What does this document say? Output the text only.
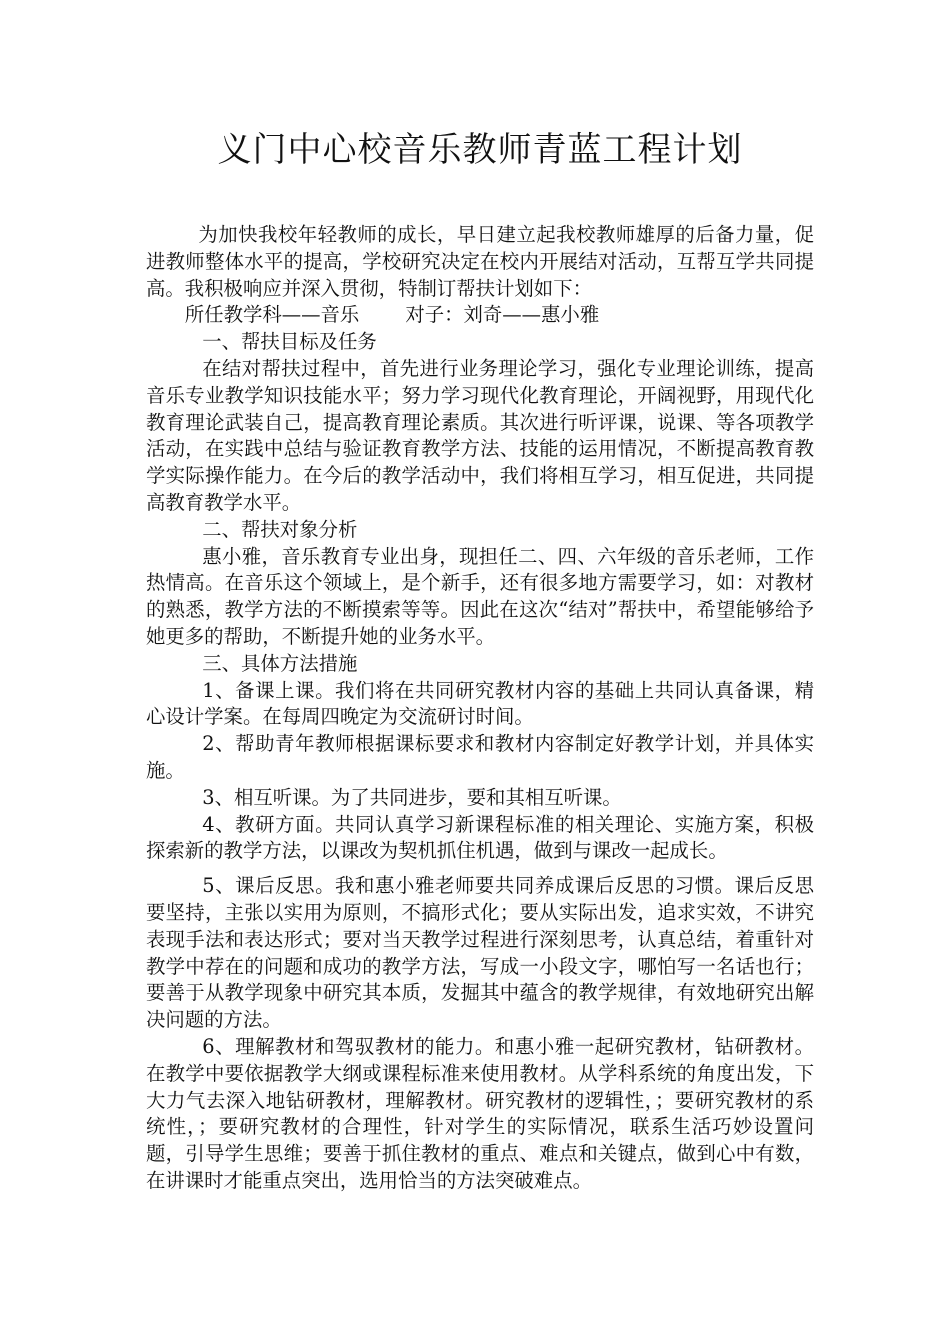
义门中心校音乐教师青蓝工程计划

为加快我校年轻教师的成长，早日建立起我校教师雄厚的后备力量，促进教师整体水平的提高，学校研究决定在校内开展结对活动，互帮互学共同提高。我积极响应并深入贯彻，特制订帮扶计划如下：

所任教学科——音乐 对子：刘奇——惠小雅

一、帮扶目标及任务

在结对帮扶过程中，首先进行业务理论学习，强化专业理论训练，提高音乐专业教学知识技能水平；努力学习现代化教育理论，开阔视野，用现代化教育理论武装自己，提高教育理论素质。其次进行听评课，说课、等各项教学活动，在实践中总结与验证教育教学方法、技能的运用情况，不断提高教育教学实际操作能力。在今后的教学活动中，我们将相互学习，相互促进，共同提高教育教学水平。

二、帮扶对象分析

惠小雅，音乐教育专业出身，现担任二、四、六年级的音乐老师，工作热情高。在音乐这个领域上，是个新手，还有很多地方需要学习，如：对教材的熟悉，教学方法的不断摸索等等。因此在这次“结对”帮扶中，希望能够给予她更多的帮助，不断提升她的业务水平。

三、具体方法措施

1、备课上课。我们将在共同研究教材内容的基础上共同认真备课，精心设计学案。在每周四晚定为交流研讨时间。

2、帮助青年教师根据课标要求和教材内容制定好教学计划，并具体实施。

3、相互听课。为了共同进步，要和其相互听课。

4、教研方面。共同认真学习新课程标准的相关理论、实施方案，积极探索新的教学方法，以课改为契机抓住机遇，做到与课改一起成长。

5、课后反思。我和惠小雅老师要共同养成课后反思的习惯。课后反思要坚持，主张以实用为原则，不搞形式化；要从实际出发，追求实效，不讲究表现手法和表达形式；要对当天教学过程进行深刻思考，认真总结，着重针对教学中荐在的问题和成功的教学方法，写成一小段文字，哪怕写一名话也行；要善于从教学现象中研究其本质，发掘其中蕴含的教学规律，有效地研究出解决问题的方法。

6、理解教材和驾驭教材的能力。和惠小雅一起研究教材，钻研教材。在教学中要依据教学大纲或课程标准来使用教材。从学科系统的角度出发，下大力气去深入地钻研教材，理解教材。研究教材的逻辑性，；要研究教材的系统性，；要研究教材的合理性，针对学生的实际情况，联系生活巧妙设置问题，引导学生思维；要善于抓住教材的重点、难点和关键点，做到心中有数，在讲课时才能重点突出，选用恰当的方法突破难点。
